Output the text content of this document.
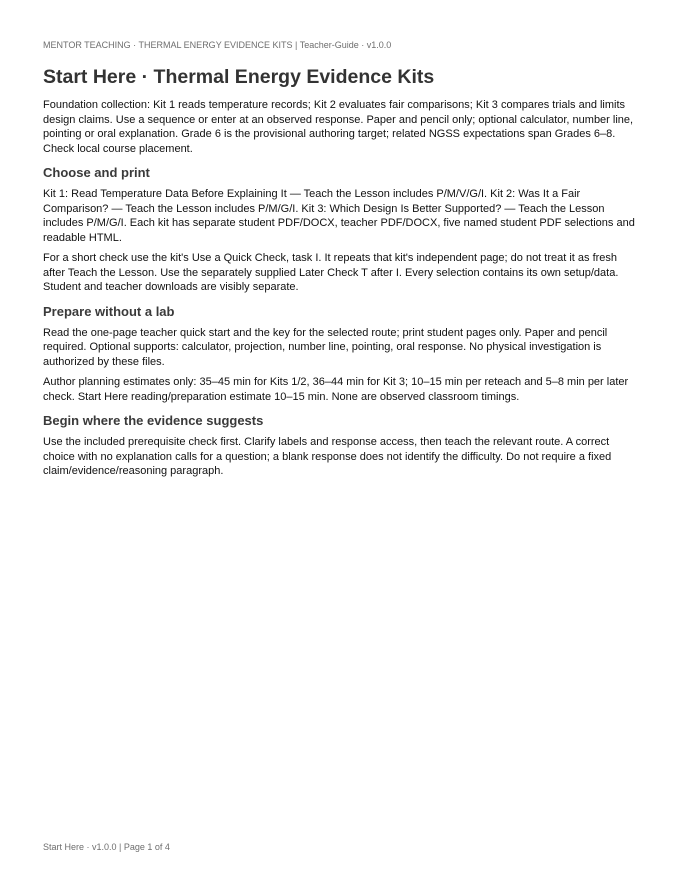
MENTOR TEACHING · THERMAL ENERGY EVIDENCE KITS | Teacher-Guide · v1.0.0
Start Here · Thermal Energy Evidence Kits

Foundation collection: Kit 1 reads temperature records; Kit 2 evaluates fair comparisons; Kit 3 compares trials and limits design claims. Use a sequence or enter at an observed response. Paper and pencil only; optional calculator, number line, pointing or oral explanation. Grade 6 is the provisional authoring target; related NGSS expectations span Grades 6–8. Check local course placement.

Choose and print

Kit 1: Read Temperature Data Before Explaining It — Teach the Lesson includes P/M/V/G/I. Kit 2: Was It a Fair Comparison? — Teach the Lesson includes P/M/G/I. Kit 3: Which Design Is Better Supported? — Teach the Lesson includes P/M/G/I. Each kit has separate student PDF/DOCX, teacher PDF/DOCX, five named student PDF selections and readable HTML.

For a short check use the kit's Use a Quick Check, task I. It repeats that kit's independent page; do not treat it as fresh after Teach the Lesson. Use the separately supplied Later Check T after I. Every selection contains its own setup/data. Student and teacher downloads are visibly separate.

Prepare without a lab

Read the one-page teacher quick start and the key for the selected route; print student pages only. Paper and pencil required. Optional supports: calculator, projection, number line, pointing, oral response. No physical investigation is authorized by these files.

Author planning estimates only: 35–45 min for Kits 1/2, 36–44 min for Kit 3; 10–15 min per reteach and 5–8 min per later check. Start Here reading/preparation estimate 10–15 min. None are observed classroom timings.

Begin where the evidence suggests

Use the included prerequisite check first. Clarify labels and response access, then teach the relevant route. A correct choice with no explanation calls for a question; a blank response does not identify the difficulty. Do not require a fixed claim/evidence/reasoning paragraph.

Start Here · v1.0.0 | Page 1 of 4
